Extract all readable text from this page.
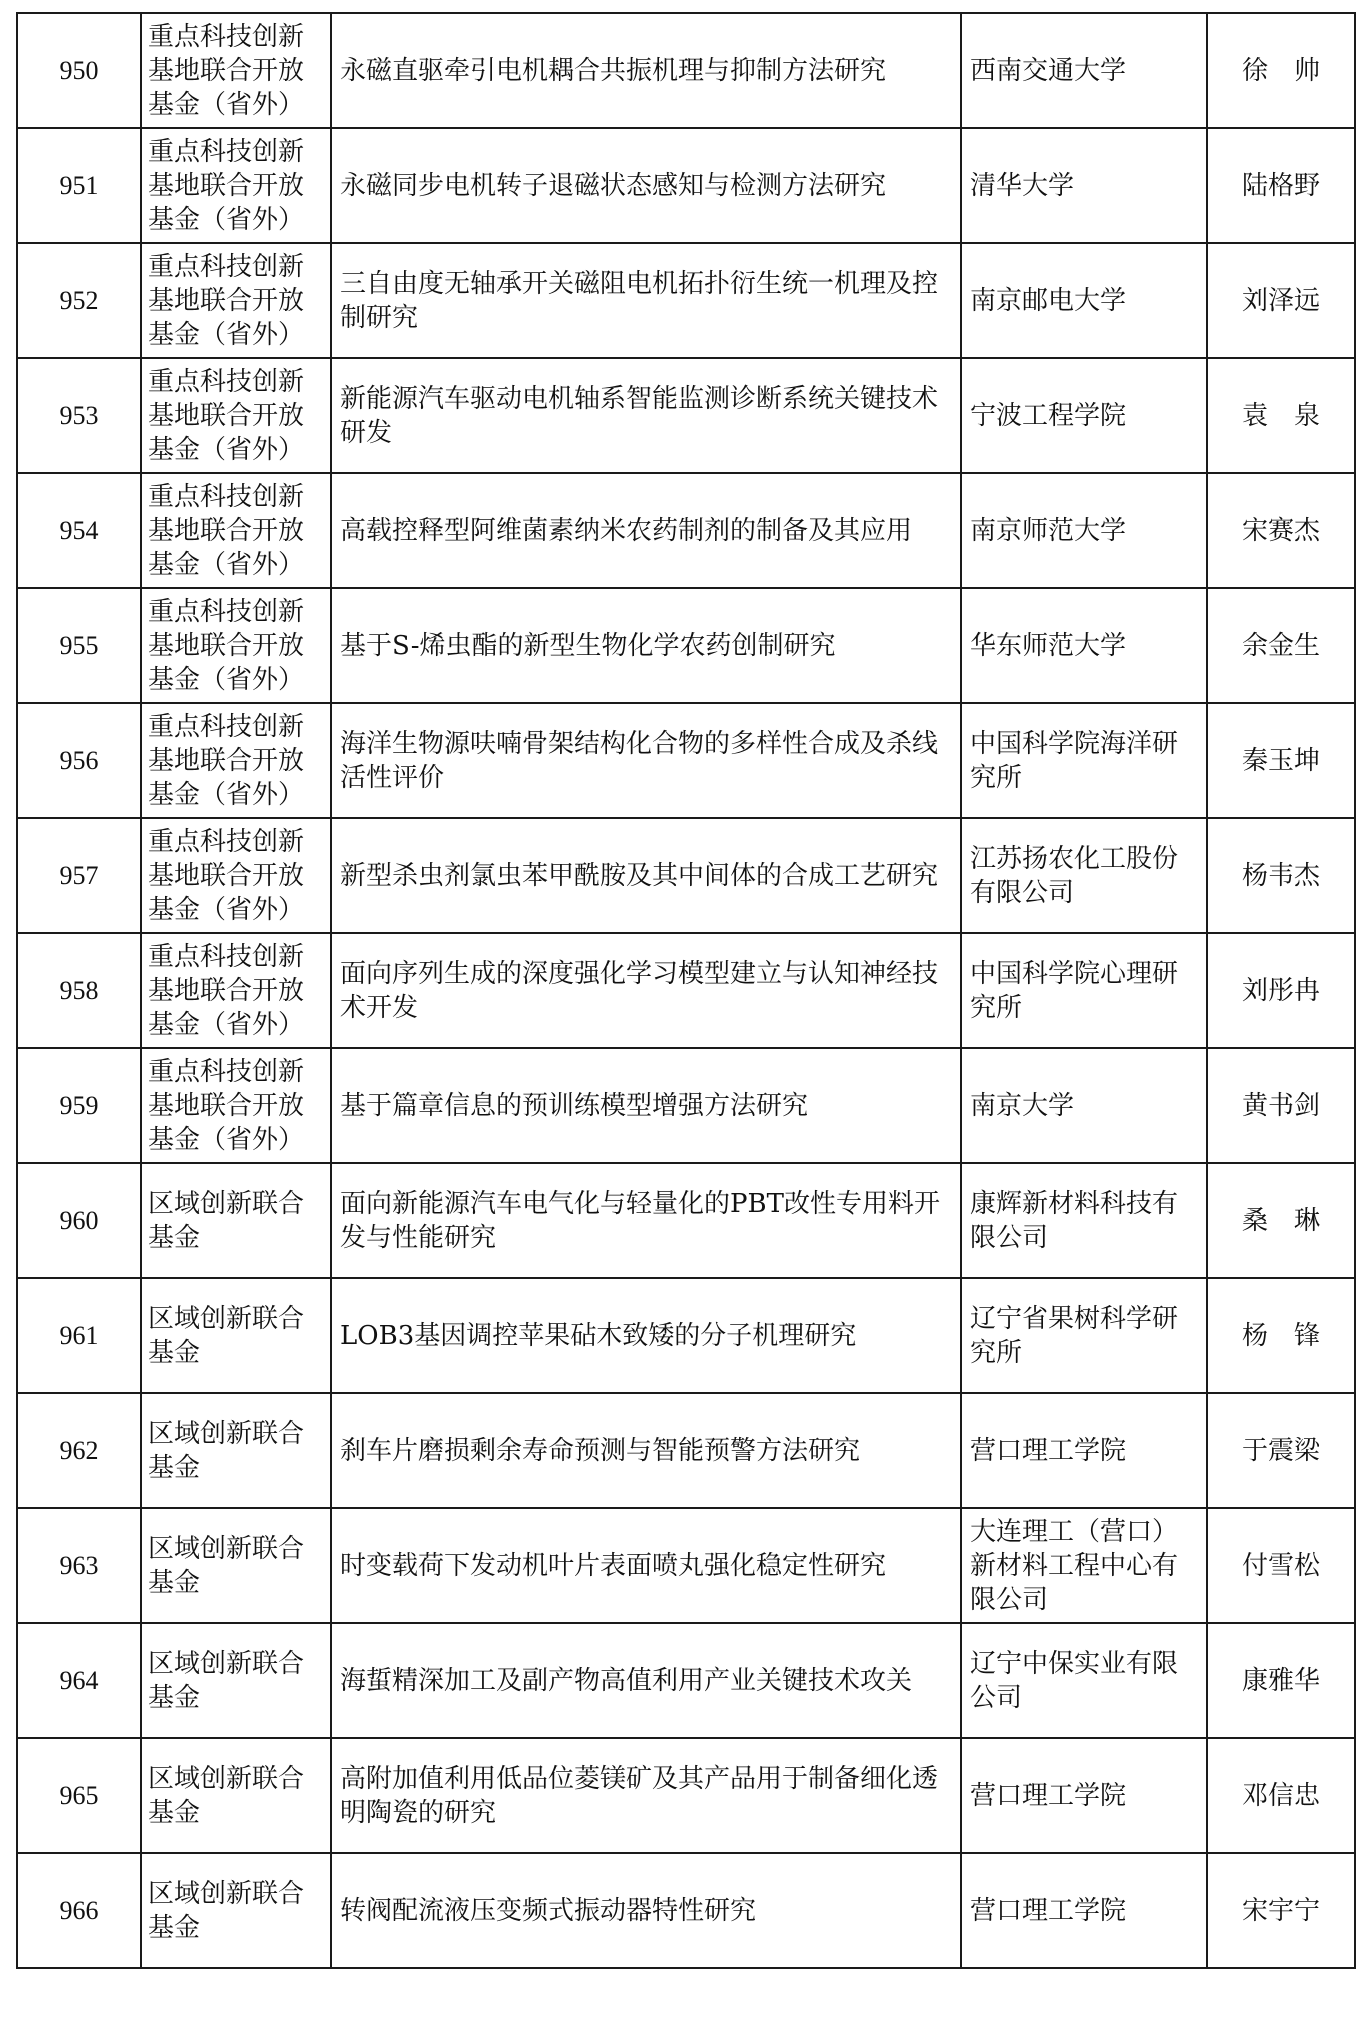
950	重点科技创新基地联合开放基金（省外）	永磁直驱牵引电机耦合共振机理与抑制方法研究	西南交通大学	徐　帅
951	重点科技创新基地联合开放基金（省外）	永磁同步电机转子退磁状态感知与检测方法研究	清华大学	陆格野
952	重点科技创新基地联合开放基金（省外）	三自由度无轴承开关磁阻电机拓扑衍生统一机理及控制研究	南京邮电大学	刘泽远
953	重点科技创新基地联合开放基金（省外）	新能源汽车驱动电机轴系智能监测诊断系统关键技术研发	宁波工程学院	袁　泉
954	重点科技创新基地联合开放基金（省外）	高载控释型阿维菌素纳米农药制剂的制备及其应用	南京师范大学	宋赛杰
955	重点科技创新基地联合开放基金（省外）	基于S-烯虫酯的新型生物化学农药创制研究	华东师范大学	余金生
956	重点科技创新基地联合开放基金（省外）	海洋生物源呋喃骨架结构化合物的多样性合成及杀线活性评价	中国科学院海洋研究所	秦玉坤
957	重点科技创新基地联合开放基金（省外）	新型杀虫剂氯虫苯甲酰胺及其中间体的合成工艺研究	江苏扬农化工股份有限公司	杨韦杰
958	重点科技创新基地联合开放基金（省外）	面向序列生成的深度强化学习模型建立与认知神经技术开发	中国科学院心理研究所	刘彤冉
959	重点科技创新基地联合开放基金（省外）	基于篇章信息的预训练模型增强方法研究	南京大学	黄书剑
960	区域创新联合基金	面向新能源汽车电气化与轻量化的PBT改性专用料开发与性能研究	康辉新材料科技有限公司	桑　琳
961	区域创新联合基金	LOB3基因调控苹果砧木致矮的分子机理研究	辽宁省果树科学研究所	杨　锋
962	区域创新联合基金	刹车片磨损剩余寿命预测与智能预警方法研究	营口理工学院	于震梁
963	区域创新联合基金	时变载荷下发动机叶片表面喷丸强化稳定性研究	大连理工（营口）新材料工程中心有限公司	付雪松
964	区域创新联合基金	海蜇精深加工及副产物高值利用产业关键技术攻关	辽宁中保实业有限公司	康雅华
965	区域创新联合基金	高附加值利用低品位菱镁矿及其产品用于制备细化透明陶瓷的研究	营口理工学院	邓信忠
966	区域创新联合基金	转阀配流液压变频式振动器特性研究	营口理工学院	宋宇宁
